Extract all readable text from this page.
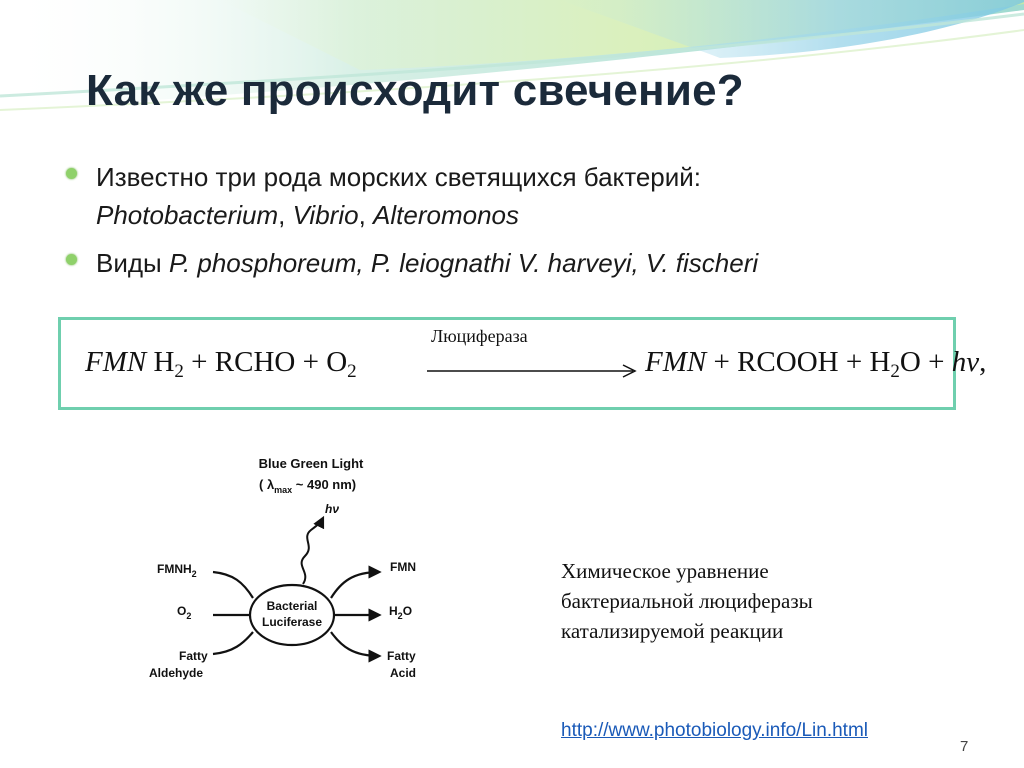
Как же происходит свечение?
Известно три рода морских светящихся бактерий:
Photobacterium, Vibrio, Alteromonos
Виды P. phosphoreum, P. leiognathi V. harveyi, V. fischeri
FMN $H_2$ + RCHO + $O_2$
Люциферaза
FMN + RCOOH + $H_2O + h\nu$,
Blue Green Light
( $\lambda_{max}$ ~ 490 nm)
hν
Bacterial
Luciferase
$FMNH_2$
$O_2$
Fatty
Aldehyde
FMN
$H_2O$
Fatty
Acid
Химическое уравнение
бактериальной люциферазы
катализируемой реакции
http://www.photobiology.info/Lin.html
7
